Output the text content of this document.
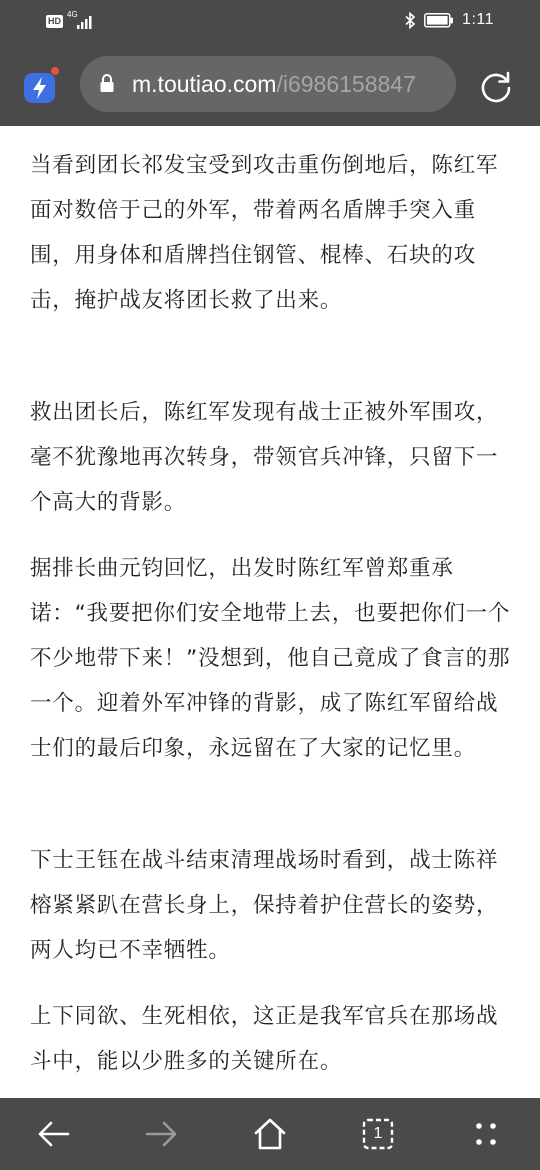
HD
4G	1:11
m.toutiao.com/i6986158847

当看到团长祁发宝受到攻击重伤倒地后，陈红军面对数倍于己的外军，带着两名盾牌手突入重围，用身体和盾牌挡住钢管、棍棒、石块的攻击，掩护战友将团长救了出来。

救出团长后，陈红军发现有战士正被外军围攻，毫不犹豫地再次转身，带领官兵冲锋，只留下一个高大的背影。

据排长曲元钧回忆，出发时陈红军曾郑重承诺：“我要把你们安全地带上去，也要把你们一个不少地带下来！”没想到，他自己竟成了食言的那一个。迎着外军冲锋的背影，成了陈红军留给战士们的最后印象，永远留在了大家的记忆里。

下士王钰在战斗结束清理战场时看到，战士陈祥榕紧紧趴在营长身上，保持着护住营长的姿势，两人均已不幸牺牲。

上下同欲、生死相依，这正是我军官兵在那场战斗中，能以少胜多的关键所在。

1
